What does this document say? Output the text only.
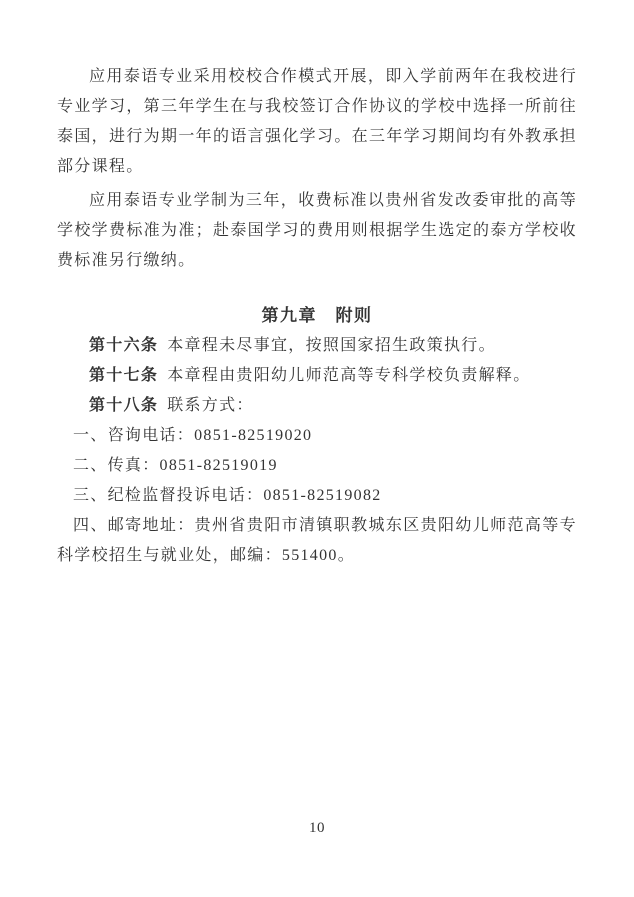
应用泰语专业采用校校合作模式开展，即入学前两年在我校进行专业学习，第三年学生在与我校签订合作协议的学校中选择一所前往泰国，进行为期一年的语言强化学习。在三年学习期间均有外教承担部分课程。

应用泰语专业学制为三年，收费标准以贵州省发改委审批的高等学校学费标准为准；赴泰国学习的费用则根据学生选定的泰方学校收费标准另行缴纳。

第九章　附则

第十六条 本章程未尽事宜，按照国家招生政策执行。

第十七条 本章程由贵阳幼儿师范高等专科学校负责解释。

第十八条 联系方式：

一、咨询电话：0851-82519020

二、传真：0851-82519019

三、纪检监督投诉电话：0851-82519082

四、邮寄地址：贵州省贵阳市清镇职教城东区贵阳幼儿师范高等专科学校招生与就业处，邮编：551400。

10
